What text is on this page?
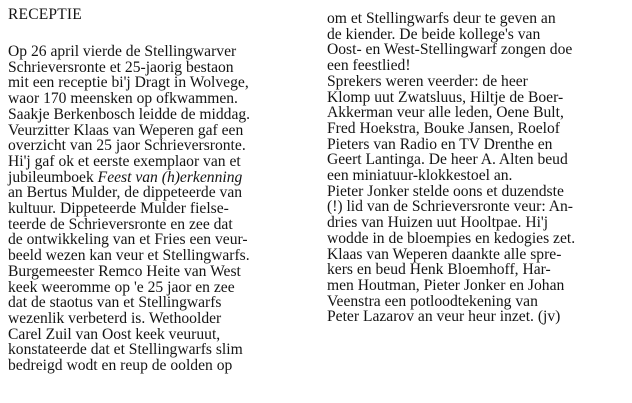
RECEPTIE
Op 26 april vierde de Stellingwarver
Schrieversronte et 25-jaorig bestaon
mit een receptie bi'j Dragt in Wolvege,
waor 170 meensken op ofkwammen.
Saakje Berkenbosch leidde de middag.
Veurzitter Klaas van Weperen gaf een
overzicht van 25 jaor Schrieversronte.
Hi'j gaf ok et eerste exemplaor van et
jubileumboek Feest van (h)erkenning
an Bertus Mulder, de dippeteerde van
kultuur. Dippeteerde Mulder fielse-
teerde de Schrieversronte en zee dat
de ontwikkeling van et Fries een veur-
beeld wezen kan veur et Stellingwarfs.
Burgemeester Remco Heite van West
keek weeromme op 'e 25 jaor en zee
dat de staotus van et Stellingwarfs
wezenlik verbeterd is. Wethoolder
Carel Zuil van Oost keek veuruut,
konstateerde dat et Stellingwarfs slim
bedreigd wodt en reup de oolden op
om et Stellingwarfs deur te geven an
de kiender. De beide kollege's van
Oost- en West-Stellingwarf zongen doe
een feestlied!
Sprekers weren veerder: de heer
Klomp uut Zwatsluus, Hiltje de Boer-
Akkerman veur alle leden, Oene Bult,
Fred Hoekstra, Bouke Jansen, Roelof
Pieters van Radio en TV Drenthe en
Geert Lantinga. De heer A. Alten beud
een miniatuur-klokkestoel an.
Pieter Jonker stelde oons et duzendste
(!) lid van de Schrieversronte veur: An-
dries van Huizen uut Hooltpae. Hi'j
wodde in de bloempies en kedogies zet.
Klaas van Weperen daankte alle spre-
kers en beud Henk Bloemhoff, Har-
men Houtman, Pieter Jonker en Johan
Veenstra een potloodtekening van
Peter Lazarov an veur heur inzet. (jv)
